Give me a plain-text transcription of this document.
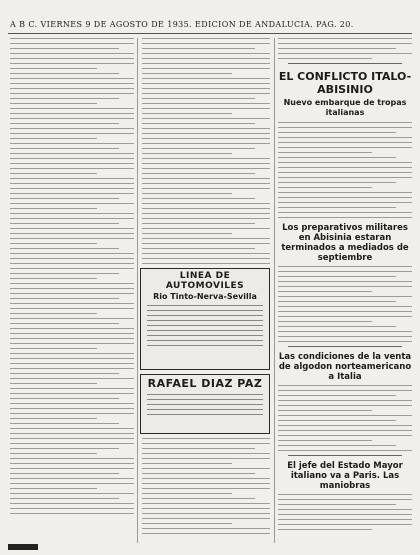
A B C. VIERNES 9 DE AGOSTO DE 1935. EDICION DE ANDALUCIA. PAG. 20.
LINEA DE AUTOMOVILES
Rio Tinto-Nerva-Sevilla
RAFAEL DIAZ PAZ
EL CONFLICTO ITALO-ABISINIO
Nuevo embarque de tropas italianas
Los preparativos militares en Abisinia estaran terminados a mediados de septiembre
Las condiciones de la venta de algodon norteamericano a Italia
El jefe del Estado Mayor italiano va a Paris. Las maniobras
